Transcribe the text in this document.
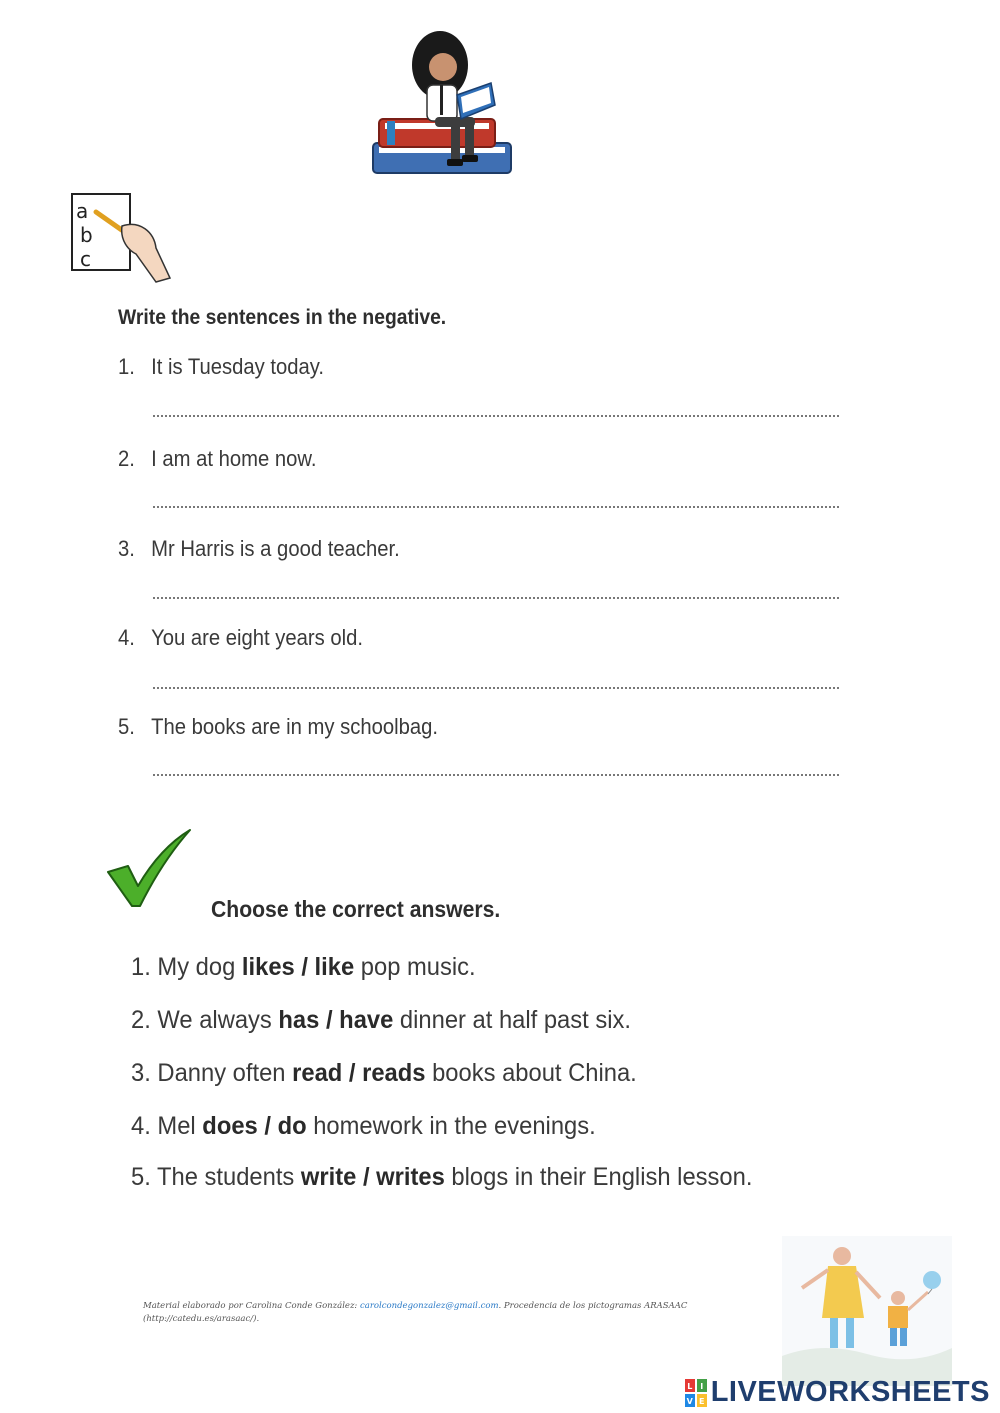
a
b
c
Write the sentences in the negative.
1. It is Tuesday today.
2. I am at home now.
3. Mr Harris is a good teacher.
4. You are eight years old.
5. The books are in my schoolbag.
Choose the correct answers.
1. My dog likes / like pop music.
2. We always has / have dinner at half past six.
3. Danny often read / reads books about China.
4. Mel does / do homework in the evenings.
5. The students write / writes blogs in their English lesson.
Material elaborado por Carolina Conde González: carolcondegonzalez@gmail.com. Procedencia de los pictogramas ARASAAC
(http://catedu.es/arasaac/).
L I
V E LIVEWORKSHEETS
